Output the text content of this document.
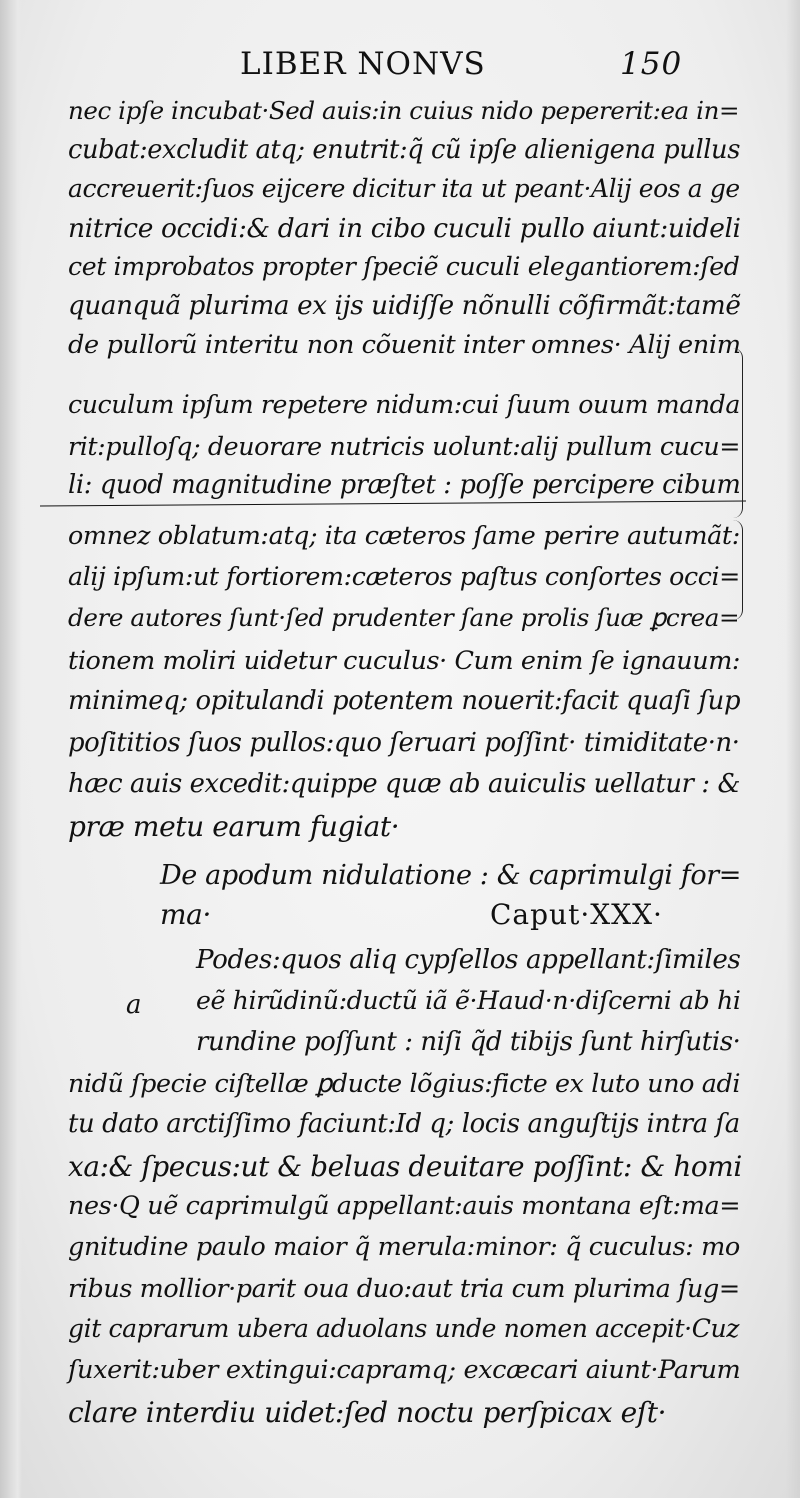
LIBER NONVS	150
nec ipſe incubat·Sed auis:in cuius nido pepererit:ea in=
cubat:excludit atq; enutrit:q̃ cũ ipſe alienigena pullus
accreuerit:ſuos eijcere dicitur ita ut peant·Alij eos a ge
nitrice occidi:& dari in cibo cuculi pullo aiunt:uideli
cet improbatos propter ſpeciẽ cuculi elegantiorem:ſed
quanquã plurima ex ijs uidiſſe nõnulli cõfirmãt:tamẽ
de pullorũ interitu non cõuenit inter omnes· Alij enim
cuculum ipſum repetere nidum:cui ſuum ouum manda
rit:pulloſq; deuorare nutricis uolunt:alij pullum cucu=
li: quod magnitudine præſtet : poſſe percipere cibum
omnez oblatum:atq; ita cæteros ſame perire autumãt:
alij ipſum:ut fortiorem:cæteros paſtus conſortes occi=
dere autores ſunt·ſed prudenter ſane prolis ſuæ ꝑcrea=
tionem moliri uidetur cuculus· Cum enim ſe ignauum:
minimeq; opitulandi potentem nouerit:facit quaſi ſup
poſititios ſuos pullos:quo ſeruari poſſint· timiditate·n·
hæc auis excedit:quippe quæ ab auiculis uellatur : &
præ metu earum fugiat·
De apodum nidulatione : & caprimulgi for=
ma·	Caput·XXX·
a
Podes:quos aliq cypſellos appellant:ſimiles
eẽ hirũdinũ:ductũ iã ẽ·Haud·n·diſcerni ab hi
rundine poſſunt : niſi q̃d tibijs ſunt hirſutis·
nidũ ſpecie ciſtellæ ꝑducte lõgius:ficte ex luto uno adi
tu dato arctiſſimo faciunt:Id q; locis anguſtijs intra ſa
xa:& ſpecus:ut & beluas deuitare poſſint: & homi
nes·Q uẽ caprimulgũ appellant:auis montana eſt:ma=
gnitudine paulo maior q̃ merula:minor: q̃ cuculus: mo
ribus mollior·parit oua duo:aut tria cum plurima ſug=
git caprarum ubera aduolans unde nomen accepit·Cuz
ſuxerit:uber extingui:capramq; excæcari aiunt·Parum
clare interdiu uidet:ſed noctu perſpicax eſt·
